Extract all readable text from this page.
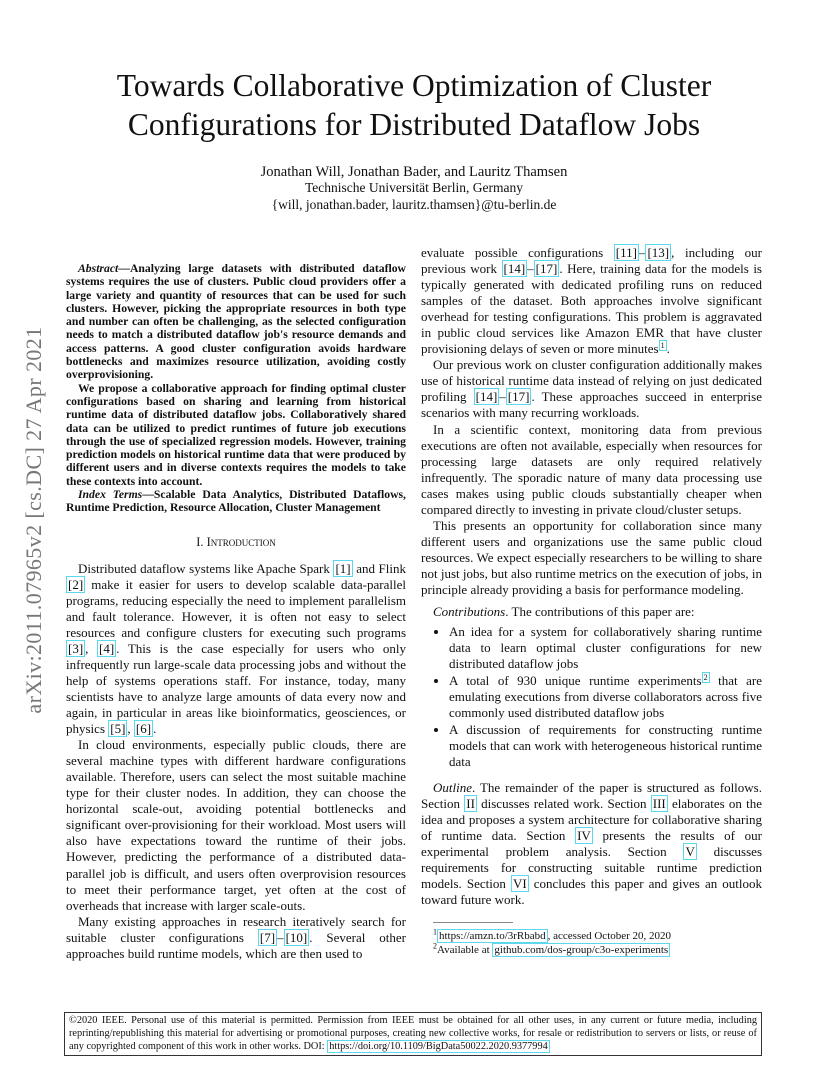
arXiv:2011.07965v2 [cs.DC] 27 Apr 2021
Towards Collaborative Optimization of Cluster Configurations for Distributed Dataflow Jobs
Jonathan Will, Jonathan Bader, and Lauritz Thamsen
Technische Universität Berlin, Germany
{will, jonathan.bader, lauritz.thamsen}@tu-berlin.de

Abstract—Analyzing large datasets with distributed dataflow systems requires the use of clusters. Public cloud providers offer a large variety and quantity of resources that can be used for such clusters. However, picking the appropriate resources in both type and number can often be challenging, as the selected configuration needs to match a distributed dataflow job's resource demands and access patterns. A good cluster configuration avoids hardware bottlenecks and maximizes resource utilization, avoiding costly overprovisioning.

We propose a collaborative approach for finding optimal cluster configurations based on sharing and learning from historical runtime data of distributed dataflow jobs. Collaboratively shared data can be utilized to predict runtimes of future job executions through the use of specialized regression models. However, training prediction models on historical runtime data that were produced by different users and in diverse contexts requires the models to take these contexts into account.

Index Terms—Scalable Data Analytics, Distributed Dataflows, Runtime Prediction, Resource Allocation, Cluster Management

I. Introduction

Distributed dataflow systems like Apache Spark [1] and Flink [2] make it easier for users to develop scalable data-parallel programs, reducing especially the need to implement parallelism and fault tolerance. However, it is often not easy to select resources and configure clusters for executing such programs [3] , [4] . This is the case especially for users who only infrequently run large-scale data processing jobs and without the help of systems operations staff. For instance, today, many scientists have to analyze large amounts of data every now and again, in particular in areas like bioinformatics, geosciences, or physics [5] , [6] .

In cloud environments, especially public clouds, there are several machine types with different hardware configurations available. Therefore, users can select the most suitable machine type for their cluster nodes. In addition, they can choose the horizontal scale-out, avoiding potential bottlenecks and significant over-provisioning for their workload. Most users will also have expectations toward the runtime of their jobs. However, predicting the performance of a distributed data-parallel job is difficult, and users often overprovision resources to meet their performance target, yet often at the cost of overheads that increase with larger scale-outs.

Many existing approaches in research iteratively search for suitable cluster configurations [7] – [10] . Several other approaches build runtime models, which are then used to

evaluate possible configurations [11] – [13] , including our previous work [14] – [17] . Here, training data for the models is typically generated with dedicated profiling runs on reduced samples of the dataset. Both approaches involve significant overhead for testing configurations. This problem is aggravated in public cloud services like Amazon EMR that have cluster provisioning delays of seven or more minutes $^1$ .

Our previous work on cluster configuration additionally makes use of historical runtime data instead of relying on just dedicated profiling [14] – [17] . These approaches succeed in enterprise scenarios with many recurring workloads.

In a scientific context, monitoring data from previous executions are often not available, especially when resources for processing large datasets are only required relatively infrequently. The sporadic nature of many data processing use cases makes using public clouds substantially cheaper when compared directly to investing in private cloud/cluster setups.

This presents an opportunity for collaboration since many different users and organizations use the same public cloud resources. We expect especially researchers to be willing to share not just jobs, but also runtime metrics on the execution of jobs, in principle already providing a basis for performance modeling.

Contributions. The contributions of this paper are:

• An idea for a system for collaboratively sharing runtime data to learn optimal cluster configurations for new distributed dataflow jobs
• A total of 930 unique runtime experiments $^2$ that are emulating executions from diverse collaborators across five commonly used distributed dataflow jobs
• A discussion of requirements for constructing runtime models that can work with heterogeneous historical runtime data

Outline. The remainder of the paper is structured as follows. Section II discusses related work. Section III elaborates on the idea and proposes a system architecture for collaborative sharing of runtime data. Section IV presents the results of our experimental problem analysis. Section V discusses requirements for constructing suitable runtime prediction models. Section VI concludes this paper and gives an outlook toward future work.

$^1$ https://amzn.to/3rRbabd , accessed October 20, 2020
$^2$Available at github.com/dos-group/c3o-experiments
©2020 IEEE. Personal use of this material is permitted. Permission from IEEE must be obtained for all other uses, in any current or future media, including reprinting/republishing this material for advertising or promotional purposes, creating new collective works, for resale or redistribution to servers or lists, or reuse of any copyrighted component of this work in other works. DOI: https://doi.org/10.1109/BigData50022.2020.9377994
